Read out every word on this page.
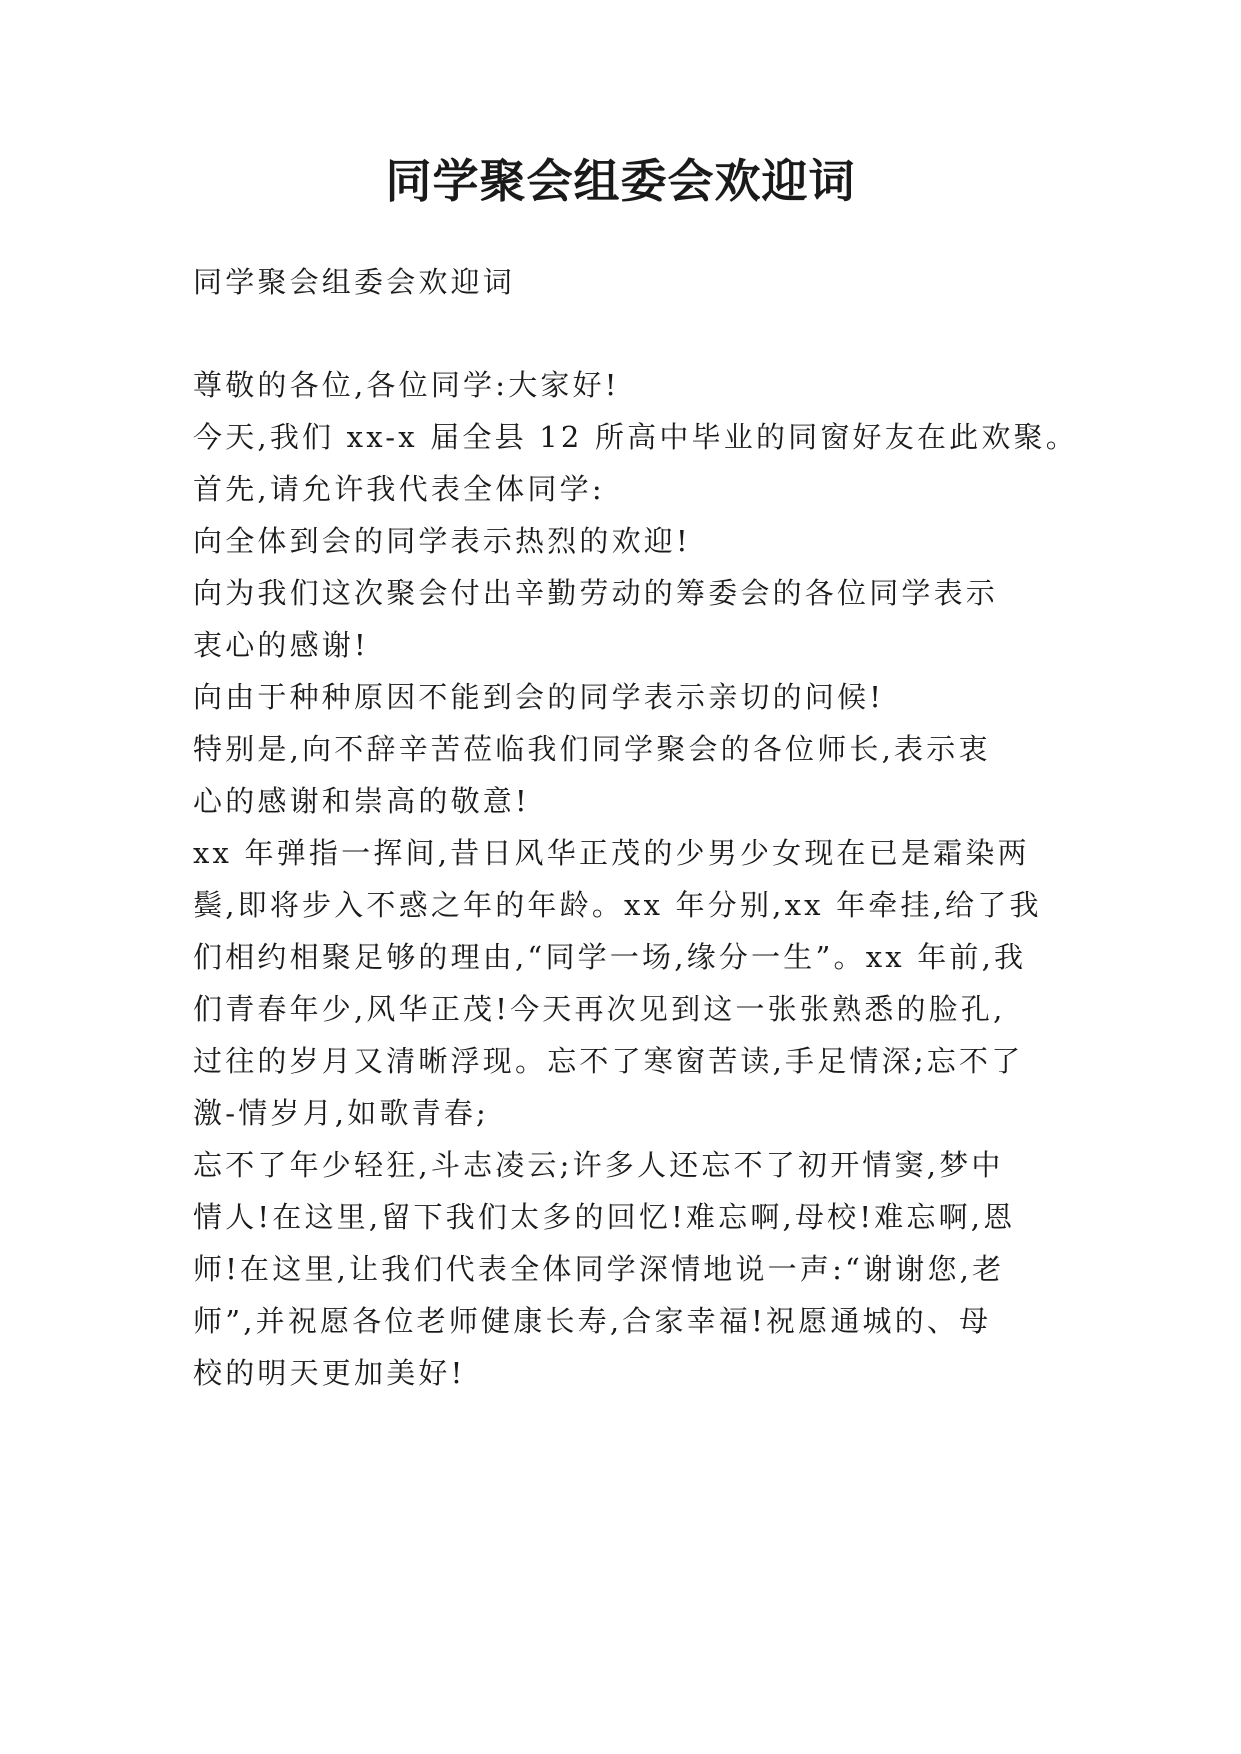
同学聚会组委会欢迎词

同学聚会组委会欢迎词

尊敬的各位,各位同学:大家好!

今天,我们 xx-x 届全县 12 所高中毕业的同窗好友在此欢聚。

首先,请允许我代表全体同学:

向全体到会的同学表示热烈的欢迎!

向为我们这次聚会付出辛勤劳动的筹委会的各位同学表示

衷心的感谢!

向由于种种原因不能到会的同学表示亲切的问候!

特别是,向不辞辛苦莅临我们同学聚会的各位师长,表示衷

心的感谢和崇高的敬意!

xx 年弹指一挥间,昔日风华正茂的少男少女现在已是霜染两

鬓,即将步入不惑之年的年龄。xx 年分别,xx 年牵挂,给了我

们相约相聚足够的理由,“同学一场,缘分一生”。xx 年前,我

们青春年少,风华正茂!今天再次见到这一张张熟悉的脸孔,

过往的岁月又清晰浮现。忘不了寒窗苦读,手足情深;忘不了

激-情岁月,如歌青春;

忘不了年少轻狂,斗志凌云;许多人还忘不了初开情窦,梦中

情人!在这里,留下我们太多的回忆!难忘啊,母校!难忘啊,恩

师!在这里,让我们代表全体同学深情地说一声:“谢谢您,老

师”,并祝愿各位老师健康长寿,合家幸福!祝愿通城的、母

校的明天更加美好!
